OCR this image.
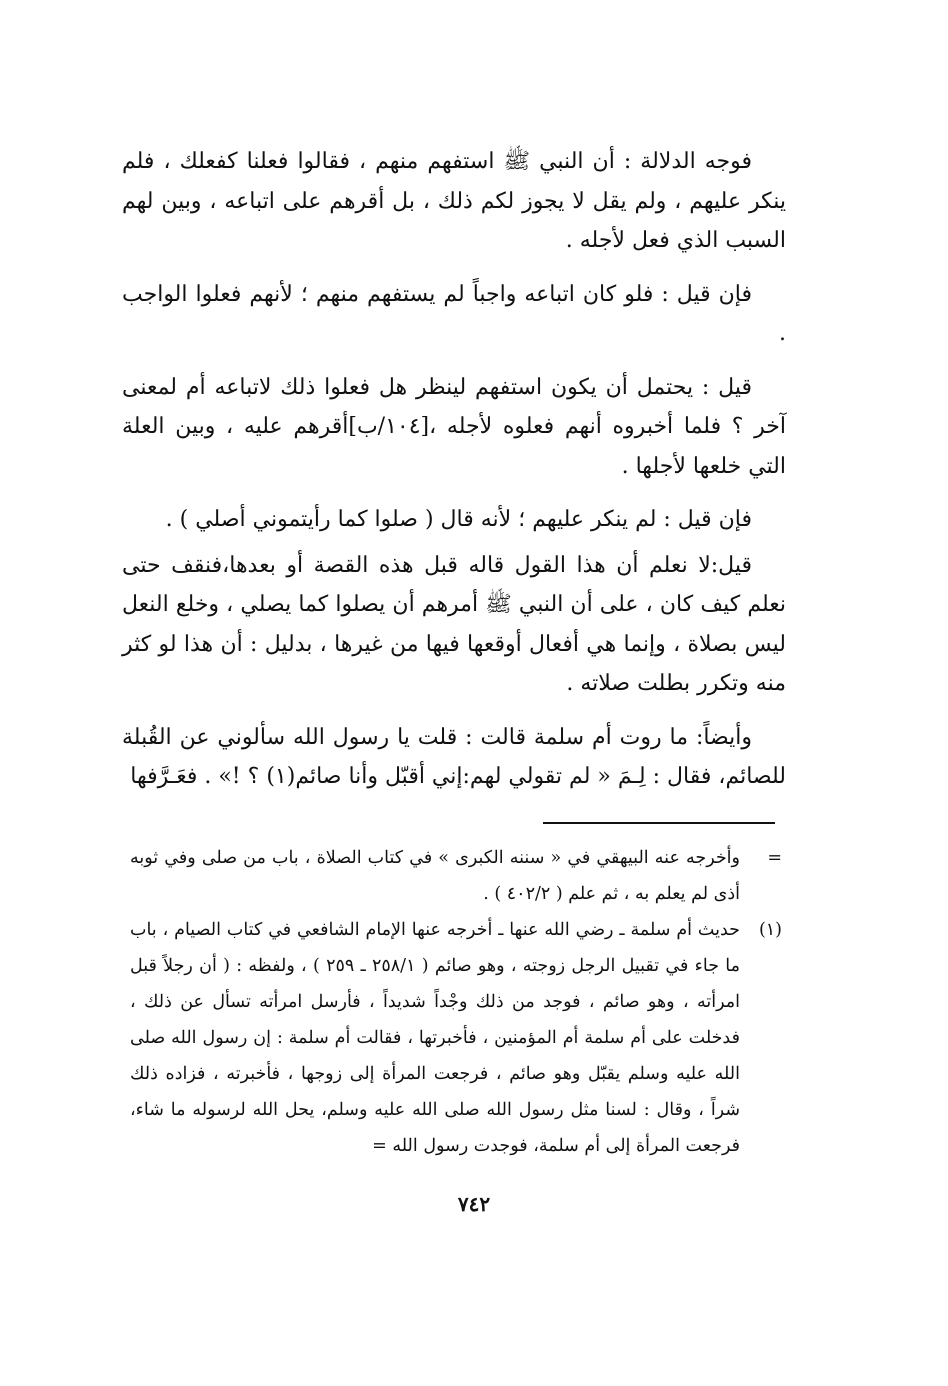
فوجه الدلالة : أن النبي ﷺ استفهم منهم ، فقالوا فعلنا كفعلك ، فلم ينكر عليهم ، ولم يقل لا يجوز لكم ذلك ، بل أقرهم على اتباعه ، وبين لهم السبب الذي فعل لأجله .

فإن قيل : فلو كان اتباعه واجباً لم يستفهم منهم ؛ لأنهم فعلوا الواجب .

قيل : يحتمل أن يكون استفهم لينظر هل فعلوا ذلك لاتباعه أم لمعنى آخر ؟ فلما أخبروه أنهم فعلوه لأجله ،[١٠٤/ب]أقرهم عليه ، وبين العلة التي خلعها لأجلها .

فإن قيل : لم ينكر عليهم ؛ لأنه قال ( صلوا كما رأيتموني أصلي ) .

قيل:لا نعلم أن هذا القول قاله قبل هذه القصة أو بعدها،فنقف حتى نعلم كيف كان ، على أن النبي ﷺ أمرهم أن يصلوا كما يصلي ، وخلع النعل ليس بصلاة ، وإنما هي أفعال أوقعها فيها من غيرها ، بدليل : أن هذا لو كثر منه وتكرر بطلت صلاته .

وأيضاً: ما روت أم سلمة قالت : قلت يا رسول الله سألوني عن القُبلة للصائم، فقال : لِـمَ « لم تقولي لهم:إني أقبّل وأنا صائم(١) ؟ !» . فعَـرَّفها

=
وأخرجه عنه البيهقي في « سننه الكبرى » في كتاب الصلاة ، باب من صلى وفي ثوبه أذى لم يعلم به ، ثم علم ( ٤٠٢/٢ ) .
(١)
حديث أم سلمة ـ رضي الله عنها ـ أخرجه عنها الإمام الشافعي في كتاب الصيام ، باب ما جاء في تقبيل الرجل زوجته ، وهو صائم ( ٢٥٨/١ ـ ٢٥٩ ) ، ولفظه : ( أن رجلاً قبل امرأته ، وهو صائم ، فوجد من ذلك وجْداً شديداً ، فأرسل امرأته تسأل عن ذلك ، فدخلت على أم سلمة أم المؤمنين ، فأخبرتها ، فقالت أم سلمة : إن رسول الله صلى الله عليه وسلم يقبّل وهو صائم ، فرجعت المرأة إلى زوجها ، فأخبرته ، فزاده ذلك شراً ، وقال : لسنا مثل رسول الله صلى الله عليه وسلم، يحل الله لرسوله ما شاء، فرجعت المرأة إلى أم سلمة، فوجدت رسول الله =
٧٤٢
